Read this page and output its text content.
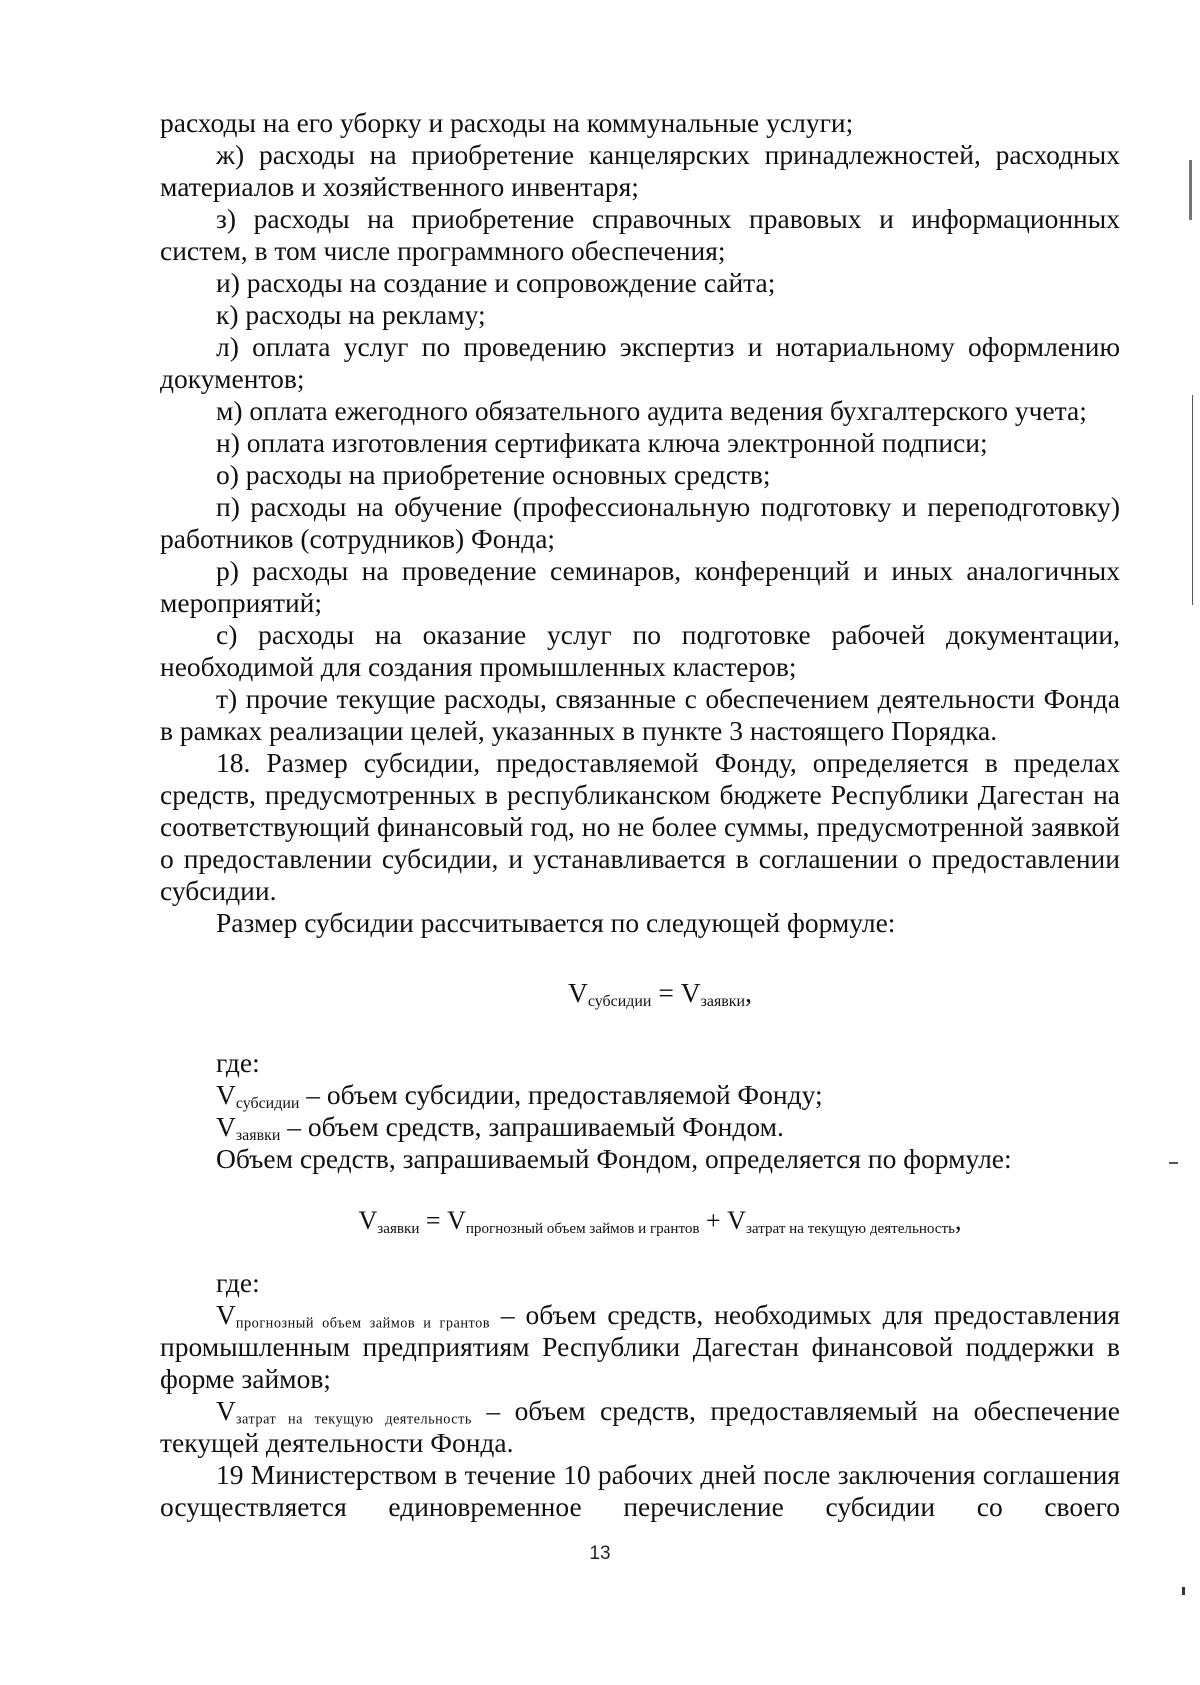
расходы на его уборку и расходы на коммунальные услуги;

ж) расходы на приобретение канцелярских принадлежностей, расходных материалов и хозяйственного инвентаря;

з) расходы на приобретение справочных правовых и информационных систем, в том числе программного обеспечения;

и) расходы на создание и сопровождение сайта;

к) расходы на рекламу;

л) оплата услуг по проведению экспертиз и нотариальному оформлению документов;

м) оплата ежегодного обязательного аудита ведения бухгалтерского учета;

н) оплата изготовления сертификата ключа электронной подписи;

о) расходы на приобретение основных средств;

п) расходы на обучение (профессиональную подготовку и переподготовку) работников (сотрудников) Фонда;

р) расходы на проведение семинаров, конференций и иных аналогичных мероприятий;

с) расходы на оказание услуг по подготовке рабочей документации, необходимой для создания промышленных кластеров;

т) прочие текущие расходы, связанные с обеспечением деятельности Фонда в рамках реализации целей, указанных в пункте 3 настоящего Порядка.

18. Размер субсидии, предоставляемой Фонду, определяется в пределах средств, предусмотренных в республиканском бюджете Республики Дагестан на соответствующий финансовый год, но не более суммы, предусмотренной заявкой о предоставлении субсидии, и устанавливается в соглашении о предоставлении субсидии.

Размер субсидии рассчитывается по следующей формуле:

$V_{субсидии} = V_{заявки}$,

где:

$V_{субсидии}$ – объем субсидии, предоставляемой Фонду;

$V_{заявки}$ – объем средств, запрашиваемый Фондом.

Объем средств, запрашиваемый Фондом, определяется по формуле:

$V_{заявки} = V_{прогнозный объем займов и грантов} + V_{затрат на текущую деятельность}$,

где:

$V_{прогнозный объем займов и грантов}$ – объем средств, необходимых для предоставления промышленным предприятиям Республики Дагестан финансовой поддержки в форме займов;

$V_{затрат на текущую деятельность}$ – объем средств, предоставляемый на обеспечение текущей деятельности Фонда.

19 Министерством в течение 10 рабочих дней после заключения соглашения осуществляется единовременное перечисление субсидии со своего

13
